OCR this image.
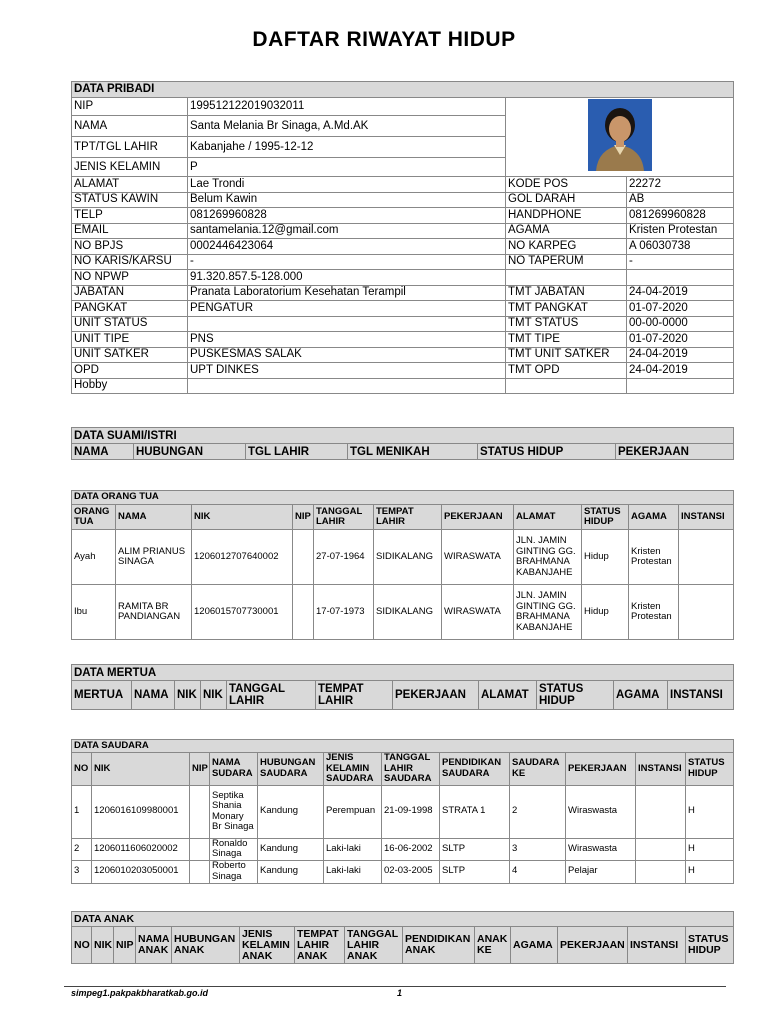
DAFTAR RIWAYAT HIDUP
DATA PRIBADI			
NIP	199512122019032011	
NAMA	Santa Melania Br Sinaga, A.Md.AK		
TPT/TGL LAHIR	Kabanjahe / 1995-12-12		
JENIS KELAMIN	P		
ALAMAT	Lae Trondi	KODE POS	22272
STATUS KAWIN	Belum Kawin	GOL DARAH	AB
TELP	081269960828	HANDPHONE	081269960828
EMAIL	santamelania.12@gmail.com	AGAMA	Kristen Protestan
NO BPJS	0002446423064	NO KARPEG	A 06030738
NO KARIS/KARSU	-	NO TAPERUM	-
NO NPWP	91.320.857.5-128.000		
JABATAN	Pranata Laboratorium Kesehatan Terampil	TMT JABATAN	24-04-2019
PANGKAT	PENGATUR	TMT PANGKAT	01-07-2020
UNIT STATUS		TMT STATUS	00-00-0000
UNIT TIPE	PNS	TMT TIPE	01-07-2020
UNIT SATKER	PUSKESMAS SALAK	TMT UNIT SATKER	24-04-2019
OPD	UPT DINKES	TMT OPD	24-04-2019
Hobby			
DATA SUAMI/ISTRI
NAMA	HUBUNGAN	TGL LAHIR	TGL MENIKAH	STATUS HIDUP	PEKERJAAN
DATA ORANG TUA										
ORANG TUA	NAMA	NIK	NIP	TANGGAL LAHIR	TEMPAT LAHIR	PEKERJAAN	ALAMAT	STATUS HIDUP	AGAMA	INSTANSI
Ayah	ALIM PRIANUS SINAGA	1206012707640002		27-07-1964	SIDIKALANG	WIRASWATA	JLN. JAMIN GINTING GG. BRAHMANA KABANJAHE	Hidup	Kristen Protestan	
Ibu	RAMITA BR PANDIANGAN	1206015707730001		17-07-1973	SIDIKALANG	WIRASWATA	JLN. JAMIN GINTING GG. BRAHMANA KABANJAHE	Hidup	Kristen Protestan	
DATA MERTUA
MERTUA	NAMA	NIK	NIK	TANGGAL LAHIR	TEMPAT LAHIR	PEKERJAAN	ALAMAT	STATUS HIDUP	AGAMA	INSTANSI
DATA SAUDARA											
NO	NIK	NIP	NAMA SUDARA	HUBUNGAN SAUDARA	JENIS KELAMIN SAUDARA	TANGGAL LAHIR SAUDARA	PENDIDIKAN SAUDARA	SAUDARA KE	PEKERJAAN	INSTANSI	STATUS HIDUP
1	1206016109980001		Septika Shania Monary Br Sinaga	Kandung	Perempuan	21-09-1998	STRATA 1	2	Wiraswasta		H
2	1206011606020002		Ronaldo Sinaga	Kandung	Laki-laki	16-06-2002	SLTP	3	Wiraswasta		H
3	1206010203050001		Roberto Sinaga	Kandung	Laki-laki	02-03-2005	SLTP	4	Pelajar		H
DATA ANAK
NO	NIK	NIP	NAMA ANAK	HUBUNGAN ANAK	JENIS KELAMIN ANAK	TEMPAT LAHIR ANAK	TANGGAL LAHIR ANAK	PENDIDIKAN ANAK	ANAK KE	AGAMA	PEKERJAAN	INSTANSI	STATUS HIDUP
simpeg1.pakpakbharatkab.go.id	1
